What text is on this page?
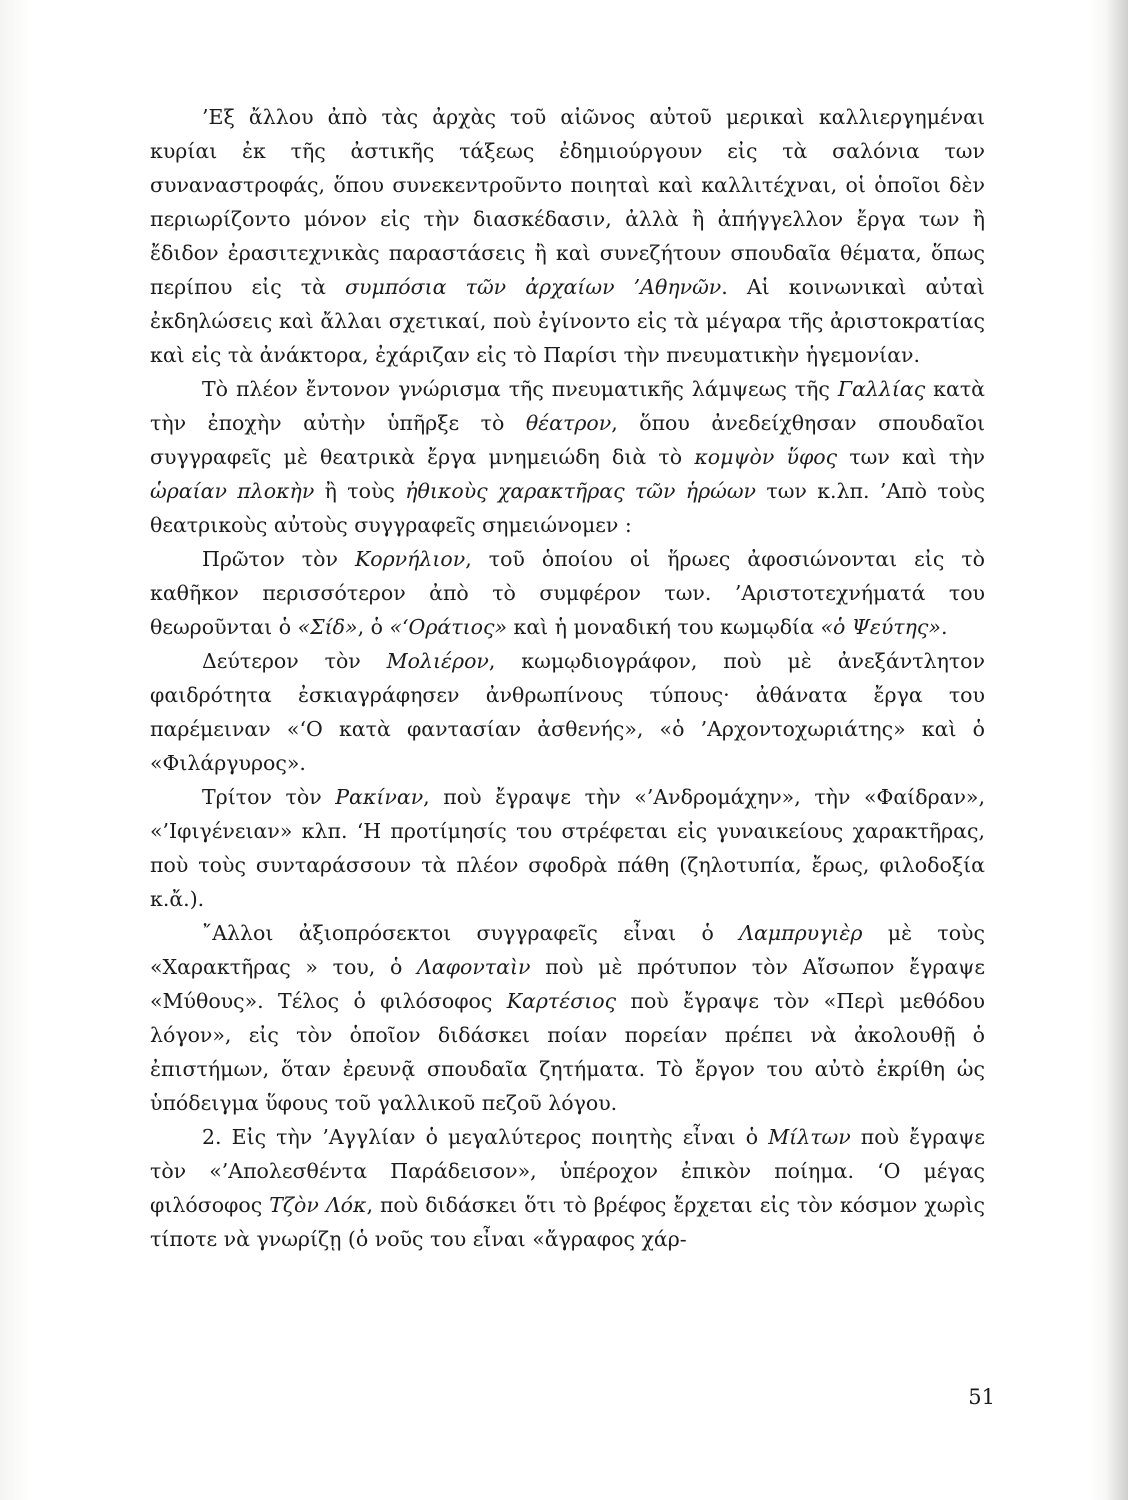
’Εξ ἄλλου ἀπὸ τὰς ἀρχὰς τοῦ αἰῶνος αὐτοῦ μερικαὶ καλλιεργημέναι κυρίαι ἐκ τῆς ἀστικῆς τάξεως ἐδημιούργουν εἰς τὰ σαλόνια των συναναστροφάς, ὅπου συνεκεντροῦντο ποιηταὶ καὶ καλλιτέχναι, οἱ ὁποῖοι δὲν περιωρίζοντο μόνον εἰς τὴν διασκέδασιν, ἀλλὰ ἢ ἀπήγγελλον ἔργα των ἢ ἔδιδον ἐρασιτεχνικὰς παραστάσεις ἢ καὶ συνεζήτουν σπουδαῖα θέματα, ὅπως περίπου εἰς τὰ συμπόσια τῶν ἀρχαίων ’Αθηνῶν. Αἱ κοινωνικαὶ αὐταὶ ἐκδηλώσεις καὶ ἄλλαι σχετικαί, ποὺ ἐγίνοντο εἰς τὰ μέγαρα τῆς ἀριστοκρατίας καὶ εἰς τὰ ἀνάκτορα, ἐχάριζαν εἰς τὸ Παρίσι τὴν πνευματικὴν ἡγεμονίαν.

Τὸ πλέον ἔντονον γνώρισμα τῆς πνευματικῆς λάμψεως τῆς Γαλλίας κατὰ τὴν ἐποχὴν αὐτὴν ὑπῆρξε τὸ θέατρον, ὅπου ἀνεδείχθησαν σπουδαῖοι συγγραφεῖς μὲ θεατρικὰ ἔργα μνημειώδη διὰ τὸ κομψὸν ὕφος των καὶ τὴν ὡραίαν πλοκὴν ἢ τοὺς ἠθικοὺς χαρακτῆρας τῶν ἡρώων των κ.λπ. ’Απὸ τοὺς θεατρικοὺς αὐτοὺς συγγραφεῖς σημειώνομεν :

Πρῶτον τὸν Κορνήλιον, τοῦ ὁποίου οἱ ἥρωες ἀφοσιώνονται εἰς τὸ καθῆκον περισσότερον ἀπὸ τὸ συμφέρον των. ’Αριστοτεχνήματά του θεωροῦνται ὁ «Σίδ», ὁ «‘Οράτιος» καὶ ἡ μοναδική του κωμῳδία «ὁ Ψεύτης».

Δεύτερον τὸν Μολιέρον, κωμῳδιογράφον, ποὺ μὲ ἀνεξάντλητον φαιδρότητα ἐσκιαγράφησεν ἀνθρωπίνους τύπους· ἀθάνατα ἔργα του παρέμειναν «‘Ο κατὰ φαντασίαν ἀσθενής», «ὁ ’Αρχοντοχωριάτης» καὶ ὁ «Φιλάργυρος».

Τρίτον τὸν Ρακίναν, ποὺ ἔγραψε τὴν «’Ανδρομάχην», τὴν «Φαίδραν», «’Ιφιγένειαν» κλπ. ‘Η προτίμησίς του στρέφεται εἰς γυναικείους χαρακτῆρας, ποὺ τοὺς συνταράσσουν τὰ πλέον σφοδρὰ πάθη (ζηλοτυπία, ἔρως, φιλοδοξία κ.ἄ.).

῎Αλλοι ἀξιοπρόσεκτοι συγγραφεῖς εἶναι ὁ Λαμπρυγιὲρ μὲ τοὺς «Χαρακτῆρας » του, ὁ Λαφονταὶν ποὺ μὲ πρότυπον τὸν Αἴσωπον ἔγραψε «Μύθους». Τέλος ὁ φιλόσοφος Καρτέσιος ποὺ ἔγραψε τὸν «Περὶ μεθόδου λόγον», εἰς τὸν ὁποῖον διδάσκει ποίαν πορείαν πρέπει νὰ ἀκολουθῇ ὁ ἐπιστήμων, ὅταν ἐρευνᾷ σπουδαῖα ζητήματα. Τὸ ἔργον του αὐτὸ ἐκρίθη ὡς ὑπόδειγμα ὕφους τοῦ γαλλικοῦ πεζοῦ λόγου.

2. Εἰς τὴν ’Αγγλίαν ὁ μεγαλύτερος ποιητὴς εἶναι ὁ Μίλτων ποὺ ἔγραψε τὸν «’Απολεσθέντα Παράδεισον», ὑπέροχον ἐπικὸν ποίημα. ‘Ο μέγας φιλόσοφος Τζὸν Λόκ, ποὺ διδάσκει ὅτι τὸ βρέφος ἔρχεται εἰς τὸν κόσμον χωρὶς τίποτε νὰ γνωρίζῃ (ὁ νοῦς του εἶναι «ἄγραφος χάρ-

51
